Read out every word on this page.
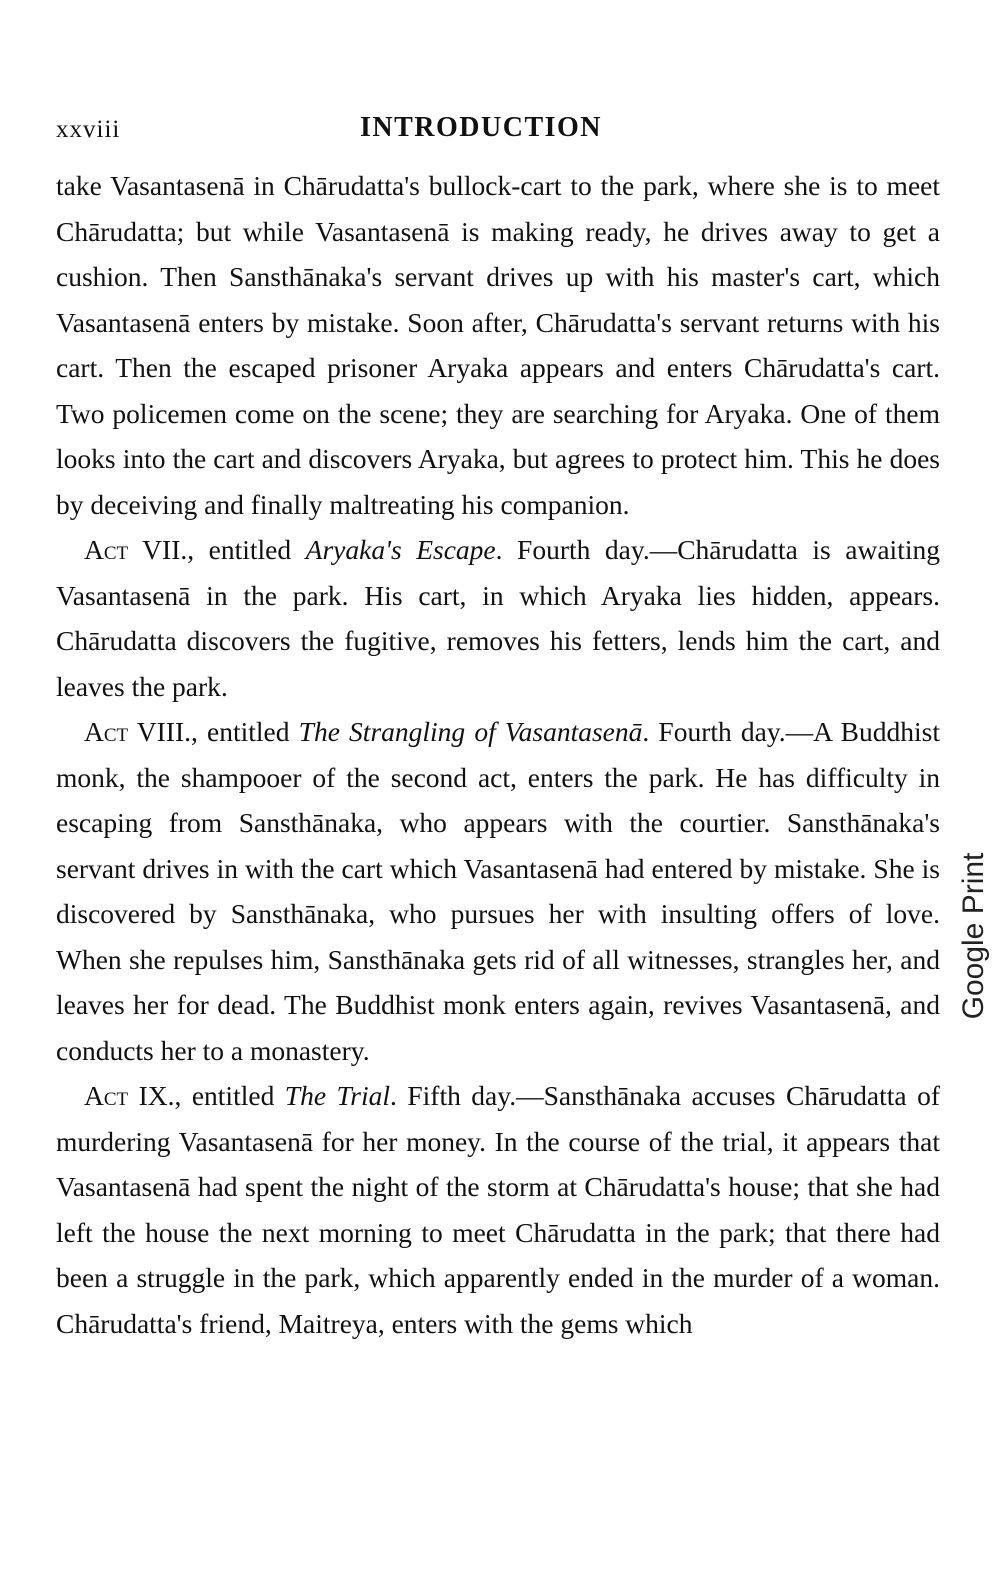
xxviii	INTRODUCTION

take Vasantasenā in Chārudatta's bullock-cart to the park, where she is to meet Chārudatta; but while Vasantasenā is making ready, he drives away to get a cushion. Then Sansthānaka's servant drives up with his master's cart, which Vasantasenā enters by mistake. Soon after, Chārudatta's servant returns with his cart. Then the escaped prisoner Aryaka appears and enters Chārudatta's cart. Two policemen come on the scene; they are searching for Aryaka. One of them looks into the cart and discovers Aryaka, but agrees to protect him. This he does by deceiving and finally maltreating his companion.

Act VII., entitled Aryaka's Escape. Fourth day.—Chārudatta is awaiting Vasantasenā in the park. His cart, in which Aryaka lies hidden, appears. Chārudatta discovers the fugitive, removes his fetters, lends him the cart, and leaves the park.

Act VIII., entitled The Strangling of Vasantasenā. Fourth day.—A Buddhist monk, the shampooer of the second act, enters the park. He has difficulty in escaping from Sansthānaka, who appears with the courtier. Sansthānaka's servant drives in with the cart which Vasantasenā had entered by mistake. She is discovered by Sansthānaka, who pursues her with insulting offers of love. When she repulses him, Sansthānaka gets rid of all witnesses, strangles her, and leaves her for dead. The Buddhist monk enters again, revives Vasantasenā, and conducts her to a monastery.

Act IX., entitled The Trial. Fifth day.—Sansthānaka accuses Chārudatta of murdering Vasantasenā for her money. In the course of the trial, it appears that Vasantasenā had spent the night of the storm at Chārudatta's house; that she had left the house the next morning to meet Chārudatta in the park; that there had been a struggle in the park, which apparently ended in the murder of a woman. Chārudatta's friend, Maitreya, enters with the gems which

Google Print
